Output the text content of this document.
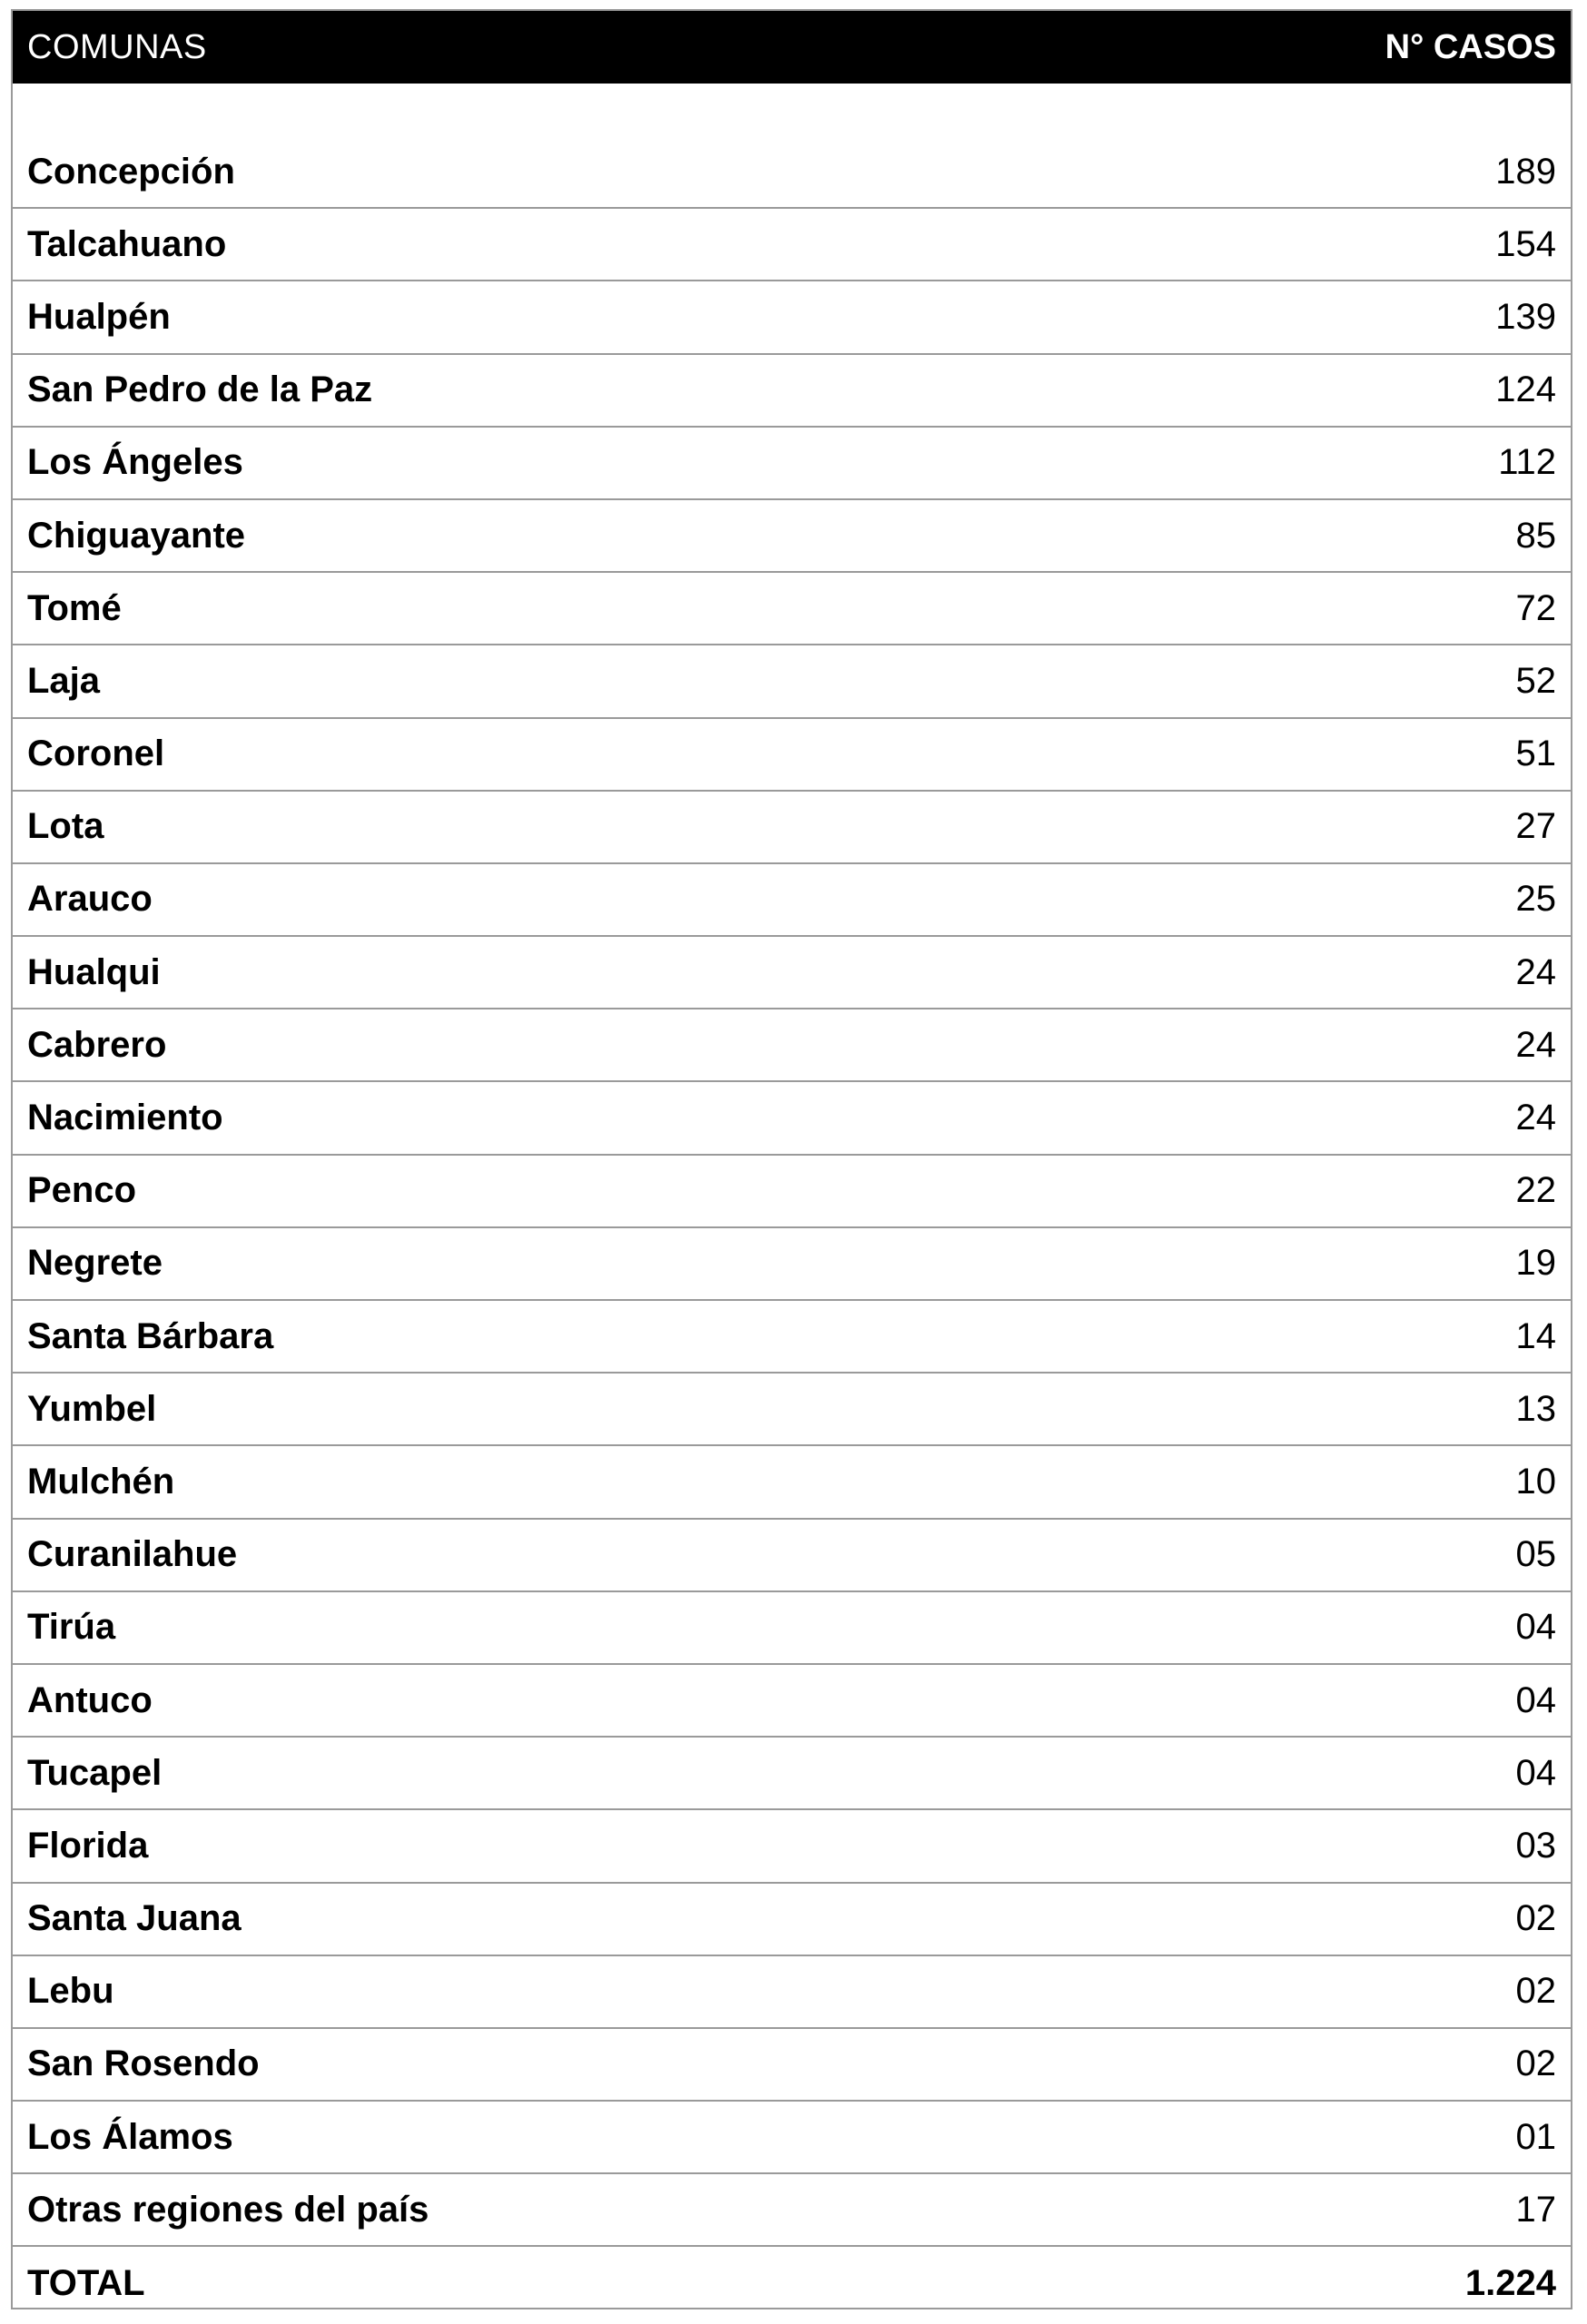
COMUNAS	N° CASOS
Concepción	189
Talcahuano	154
Hualpén	139
San Pedro de la Paz	124
Los Ángeles	112
Chiguayante	85
Tomé	72
Laja	52
Coronel	51
Lota	27
Arauco	25
Hualqui	24
Cabrero	24
Nacimiento	24
Penco	22
Negrete	19
Santa Bárbara	14
Yumbel	13
Mulchén	10
Curanilahue	05
Tirúa	04
Antuco	04
Tucapel	04
Florida	03
Santa Juana	02
Lebu	02
San Rosendo	02
Los Álamos	01
Otras regiones del país	17
TOTAL	1.224
